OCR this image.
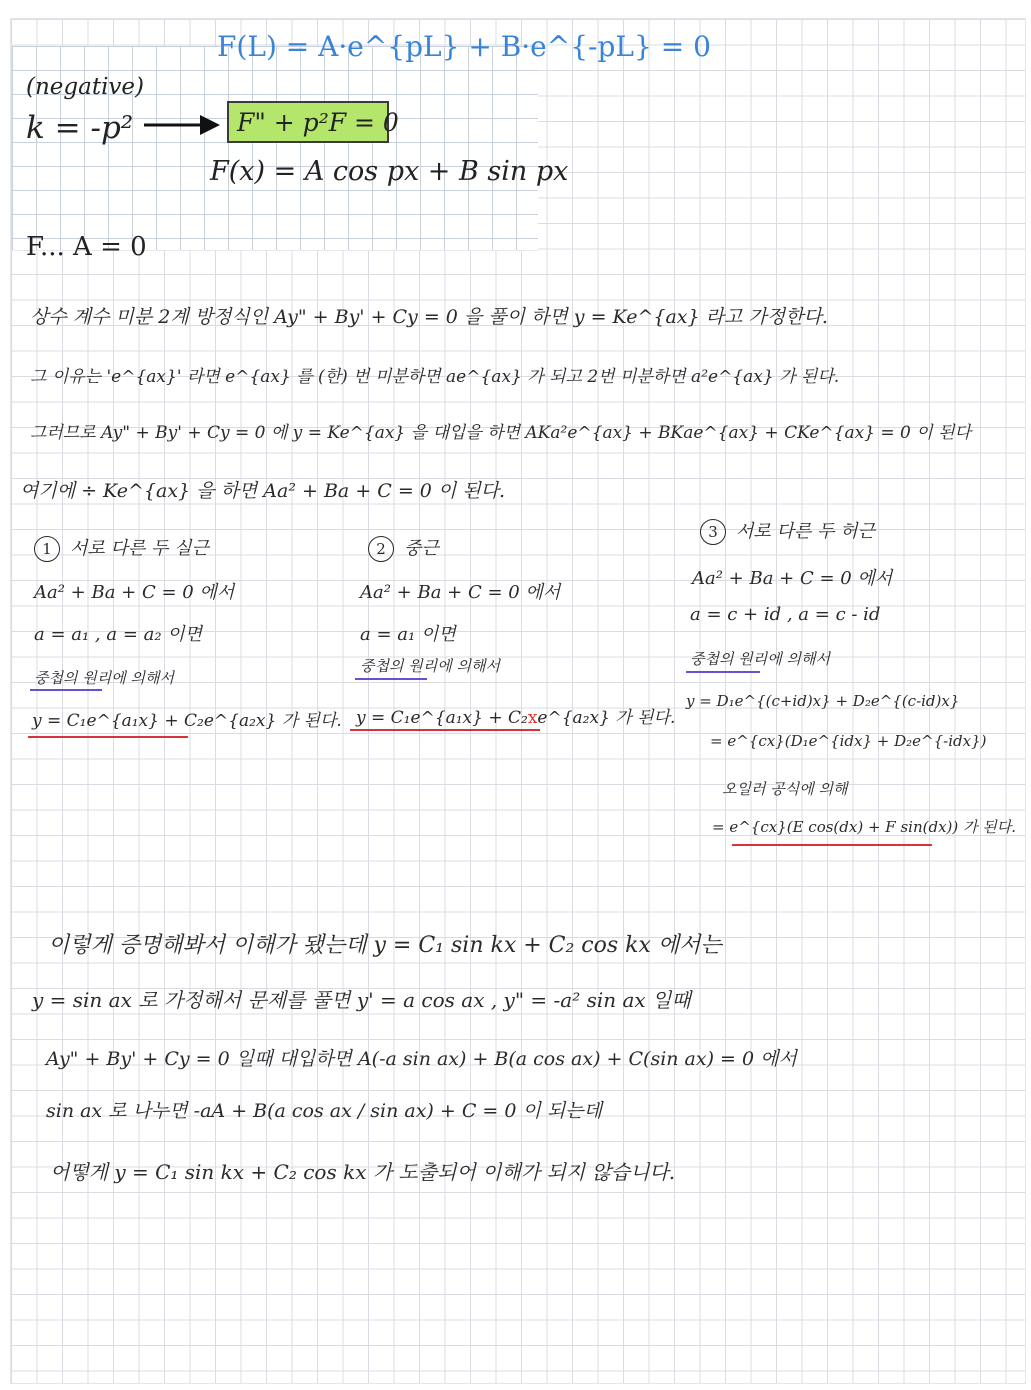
F(L) = A·e^{pL} + B·e^{-pL} = 0
(negative)
k = -p²	F" + p²F = 0
F(x) = A cos px + B sin px
F... A = 0
상수 계수 미분 2계 방정식인 Ay" + By' + Cy = 0 을 풀이 하면 y = Ke^{ax} 라고 가정한다.
그 이유는 'e^{ax}' 라면 e^{ax} 를 (한) 번 미분하면 ae^{ax} 가 되고 2번 미분하면 a²e^{ax} 가 된다.
그러므로 Ay" + By' + Cy = 0 에 y = Ke^{ax} 을 대입을 하면 AKa²e^{ax} + BKae^{ax} + CKe^{ax} = 0 이 된다
여기에 ÷ Ke^{ax} 을 하면 Aa² + Ba + C = 0 이 된다.
1 서로 다른 두 실근
Aa² + Ba + C = 0 에서
a = a₁ , a = a₂ 이면
중첩의 원리에 의해서
y = C₁e^{a₁x} + C₂e^{a₂x} 가 된다.
2 중근
Aa² + Ba + C = 0 에서
a = a₁ 이면
중첩의 원리에 의해서
y = C₁e^{a₁x} + C₂xe^{a₂x} 가 된다.
3 서로 다른 두 허근
Aa² + Ba + C = 0 에서
a = c + id , a = c - id
중첩의 원리에 의해서
y = D₁e^{(c+id)x} + D₂e^{(c-id)x}
= e^{cx}(D₁e^{idx} + D₂e^{-idx})
오일러 공식에 의해
= e^{cx}(E cos(dx) + F sin(dx)) 가 된다.
이렇게 증명해봐서 이해가 됐는데 y = C₁ sin kx + C₂ cos kx 에서는
y = sin ax 로 가정해서 문제를 풀면 y' = a cos ax , y" = -a² sin ax 일때
Ay" + By' + Cy = 0 일때 대입하면 A(-a sin ax) + B(a cos ax) + C(sin ax) = 0 에서
sin ax 로 나누면 -aA + B(a cos ax / sin ax) + C = 0 이 되는데
어떻게 y = C₁ sin kx + C₂ cos kx 가 도출되어 이해가 되지 않습니다.
